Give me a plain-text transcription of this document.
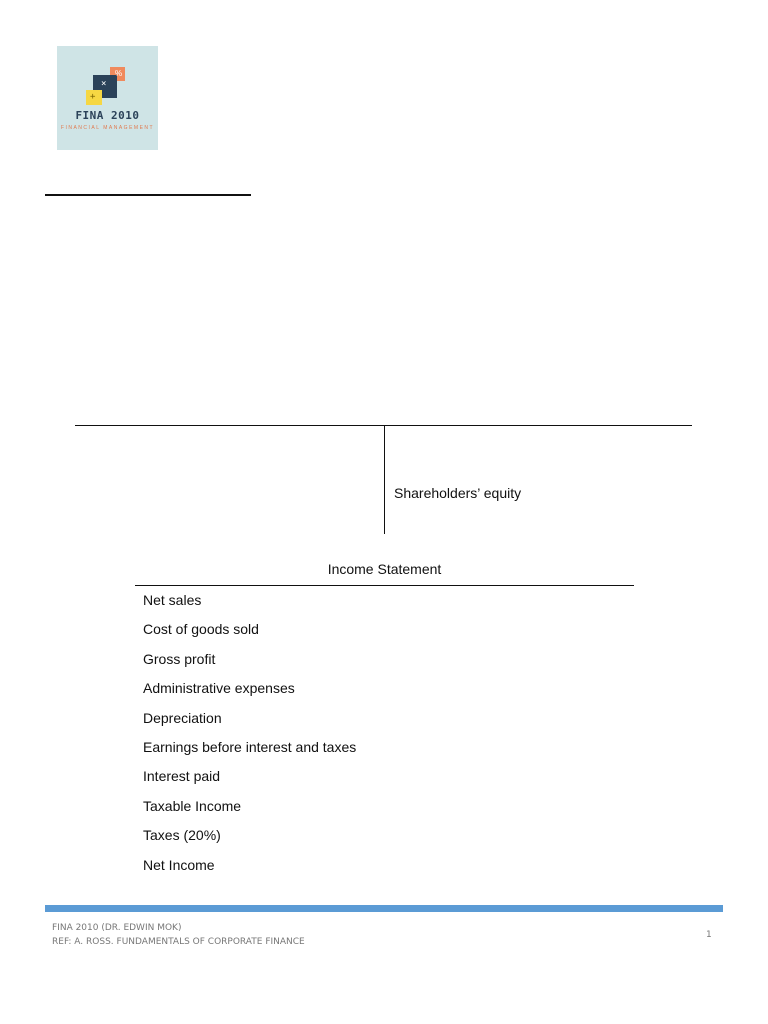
×
+
%
FINA 2010
FINANCIAL MANAGEMENT
Shareholders’ equity
Income Statement
Net sales
Cost of goods sold
Gross profit
Administrative expenses
Depreciation
Earnings before interest and taxes
Interest paid
Taxable Income
Taxes (20%)
Net Income
FINA 2010 (DR. EDWIN MOK)
REF: A. ROSS. FUNDAMENTALS OF CORPORATE FINANCE
1
